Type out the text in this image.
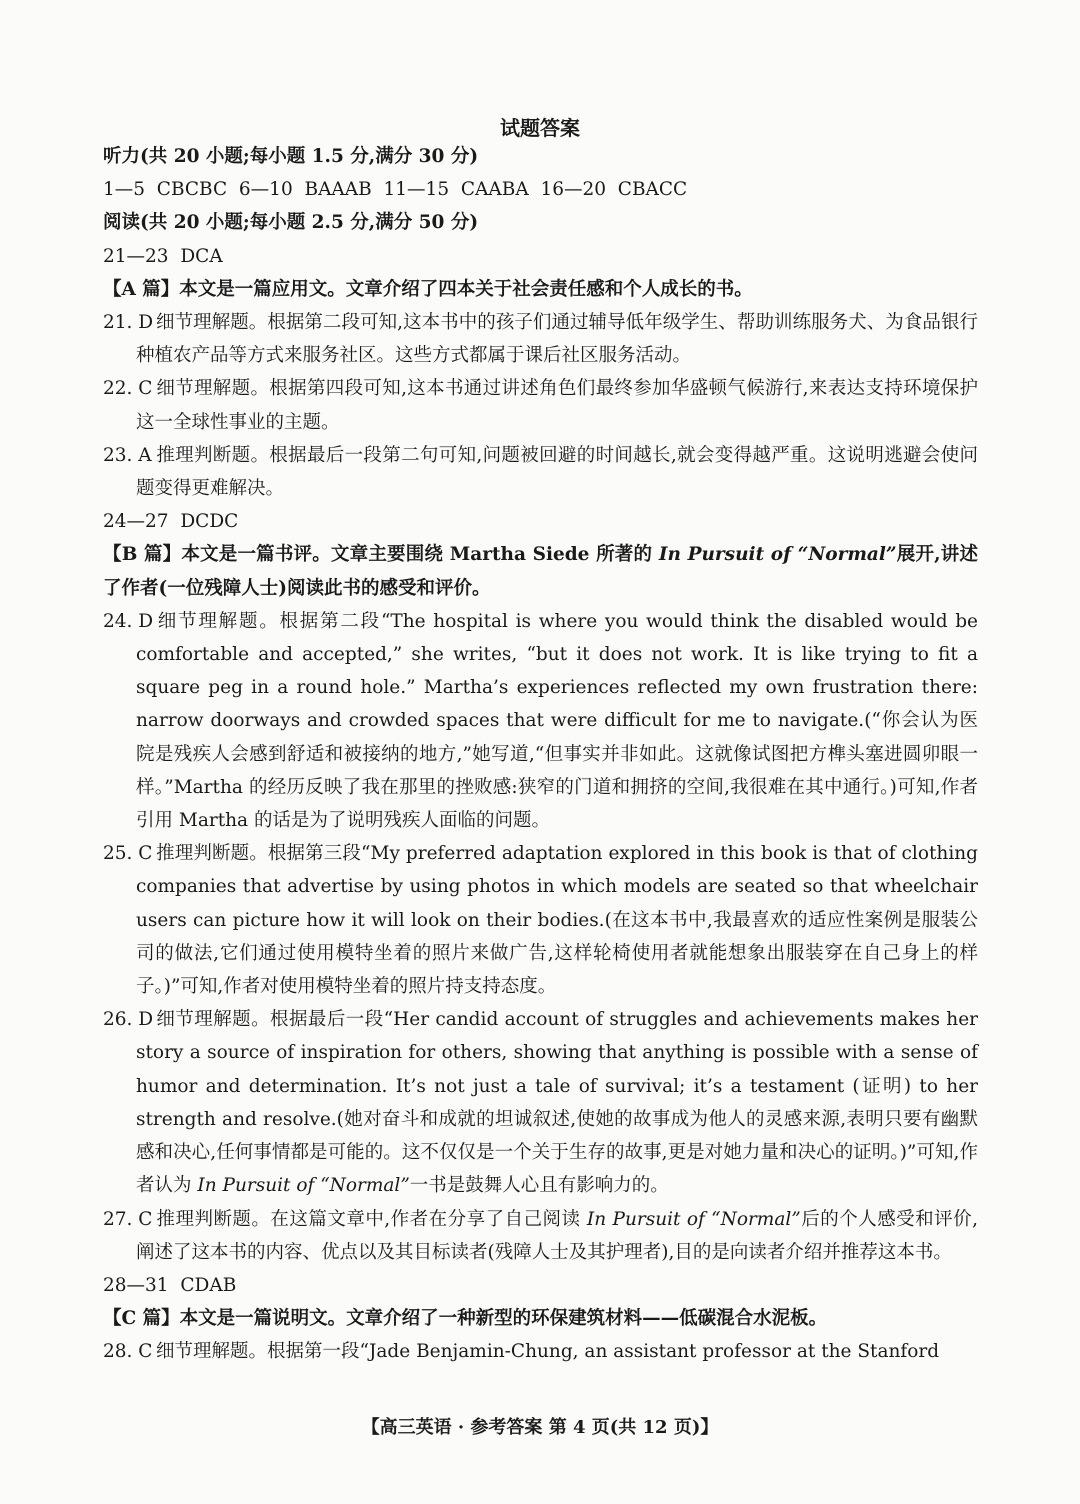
试题答案
听力(共 20 小题;每小题 1.5 分,满分 30 分)
1—5  CBCBC  6—10  BAAAB  11—15  CAABA  16—20  CBACC
阅读(共 20 小题;每小题 2.5 分,满分 50 分)
21—23  DCA
【A 篇】本文是一篇应用文。文章介绍了四本关于社会责任感和个人成长的书。
21. D 细节理解题。根据第二段可知,这本书中的孩子们通过辅导低年级学生、帮助训练服务犬、为食品银行种植农产品等方式来服务社区。这些方式都属于课后社区服务活动。
22. C 细节理解题。根据第四段可知,这本书通过讲述角色们最终参加华盛顿气候游行,来表达支持环境保护这一全球性事业的主题。
23. A 推理判断题。根据最后一段第二句可知,问题被回避的时间越长,就会变得越严重。这说明逃避会使问题变得更难解决。
24—27  DCDC
【B 篇】本文是一篇书评。文章主要围绕 Martha Siede 所著的 In Pursuit of “Normal”展开,讲述了作者(一位残障人士)阅读此书的感受和评价。
24. D 细节理解题。根据第二段“The hospital is where you would think the disabled would be comfortable and accepted,” she writes, “but it does not work. It is like trying to fit a square peg in a round hole.” Martha’s experiences reflected my own frustration there: narrow doorways and crowded spaces that were difficult for me to navigate.(“你会认为医院是残疾人会感到舒适和被接纳的地方,”她写道,“但事实并非如此。这就像试图把方榫头塞进圆卯眼一样。”Martha 的经历反映了我在那里的挫败感:狭窄的门道和拥挤的空间,我很难在其中通行。)可知,作者引用 Martha 的话是为了说明残疾人面临的问题。
25. C 推理判断题。根据第三段“My preferred adaptation explored in this book is that of clothing companies that advertise by using photos in which models are seated so that wheelchair users can picture how it will look on their bodies.(在这本书中,我最喜欢的适应性案例是服装公司的做法,它们通过使用模特坐着的照片来做广告,这样轮椅使用者就能想象出服装穿在自己身上的样子。)”可知,作者对使用模特坐着的照片持支持态度。
26. D 细节理解题。根据最后一段“Her candid account of struggles and achievements makes her story a source of inspiration for others, showing that anything is possible with a sense of humor and determination. It’s not just a tale of survival; it’s a testament (证明) to her strength and resolve.(她对奋斗和成就的坦诚叙述,使她的故事成为他人的灵感来源,表明只要有幽默感和决心,任何事情都是可能的。这不仅仅是一个关于生存的故事,更是对她力量和决心的证明。)”可知,作者认为 In Pursuit of “Normal”一书是鼓舞人心且有影响力的。
27. C 推理判断题。在这篇文章中,作者在分享了自己阅读 In Pursuit of “Normal”后的个人感受和评价,阐述了这本书的内容、优点以及其目标读者(残障人士及其护理者),目的是向读者介绍并推荐这本书。
28—31  CDAB
【C 篇】本文是一篇说明文。文章介绍了一种新型的环保建筑材料——低碳混合水泥板。
28. C 细节理解题。根据第一段“Jade Benjamin-Chung, an assistant professor at the Stanford
【高三英语 · 参考答案 第 4 页(共 12 页)】
